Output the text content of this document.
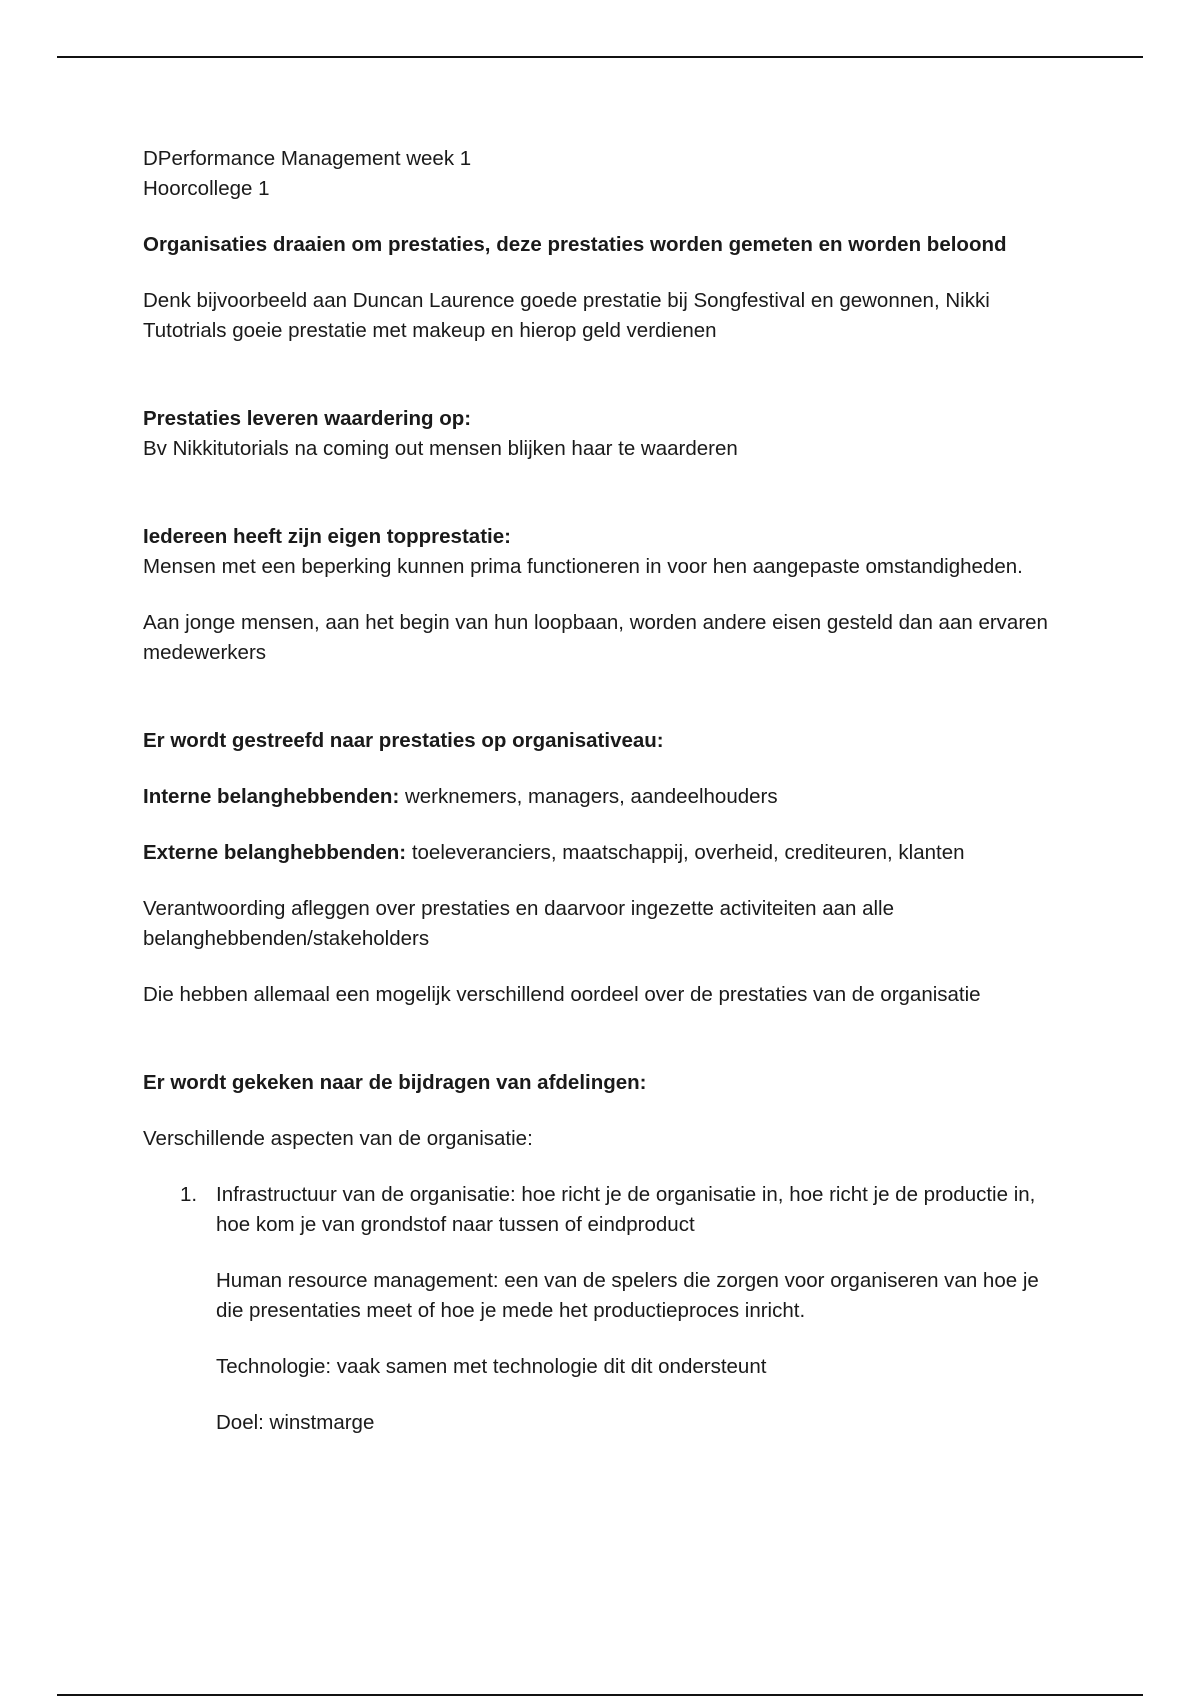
DPerformance Management week 1
Hoorcollege 1
Organisaties draaien om prestaties, deze prestaties worden gemeten en worden beloond

Denk bijvoorbeeld aan Duncan Laurence goede prestatie bij Songfestival en gewonnen, Nikki Tutotrials goeie prestatie met makeup en hierop geld verdienen

Prestaties leveren waardering op:

Bv Nikkitutorials na coming out mensen blijken haar te waarderen

Iedereen heeft zijn eigen topprestatie:

Mensen met een beperking kunnen prima functioneren in voor hen aangepaste omstandigheden.

Aan jonge mensen, aan het begin van hun loopbaan, worden andere eisen gesteld dan aan ervaren medewerkers

Er wordt gestreefd naar prestaties op organisativeau:

Interne belanghebbenden: werknemers, managers, aandeelhouders

Externe belanghebbenden: toeleveranciers, maatschappij, overheid, crediteuren, klanten

Verantwoording afleggen over prestaties en daarvoor ingezette activiteiten aan alle belanghebbenden/stakeholders

Die hebben allemaal een mogelijk verschillend oordeel over de prestaties van de organisatie

Er wordt gekeken naar de bijdragen van afdelingen:

Verschillende aspecten van de organisatie:

1. Infrastructuur van de organisatie: hoe richt je de organisatie in, hoe richt je de productie in, hoe kom je van grondstof naar tussen of eindproduct

Human resource management: een van de spelers die zorgen voor organiseren van hoe je die presentaties meet of hoe je mede het productieproces inricht.

Technologie: vaak samen met technologie dit dit ondersteunt

Doel: winstmarge
